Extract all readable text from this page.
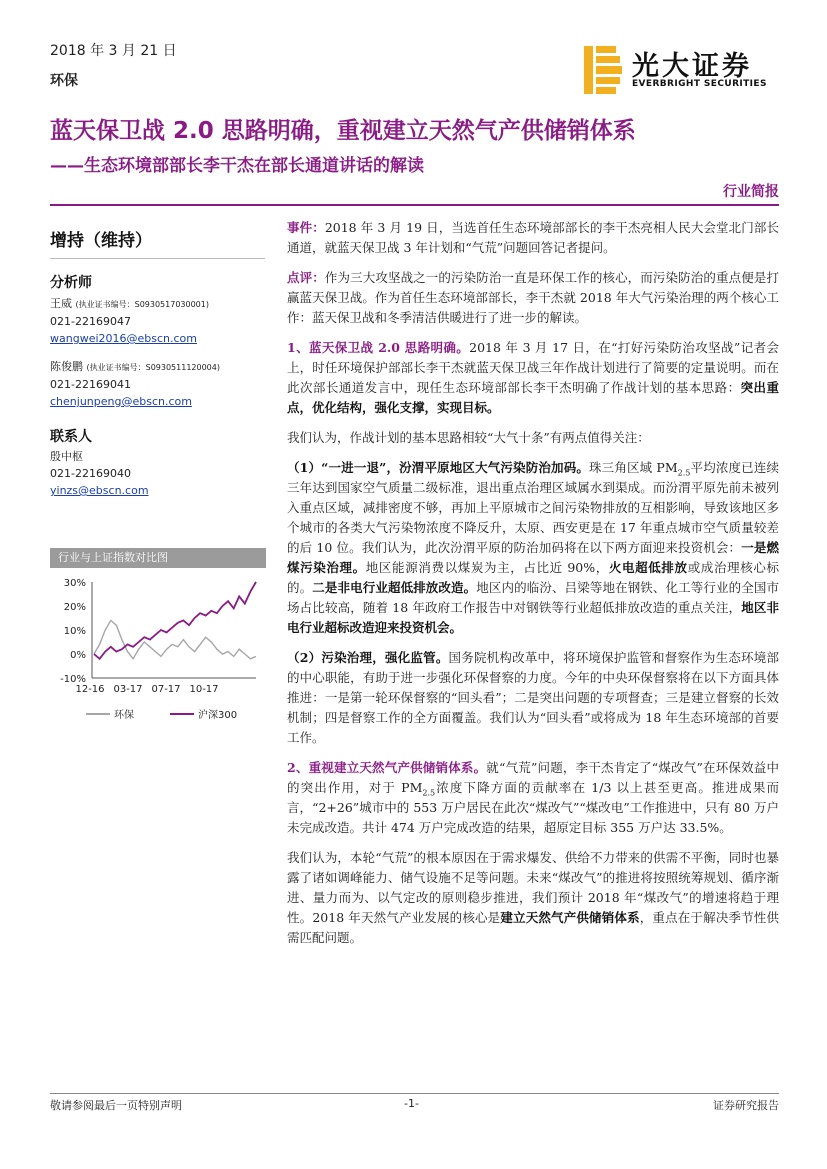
2018 年 3 月 21 日
环保	光大证券
EVERBRIGHT SECURITIES
蓝天保卫战 2.0 思路明确，重视建立天然气产供储销体系
——生态环境部部长李干杰在部长通道讲话的解读
行业简报
增持（维持）
分析师
王威 (执业证书编号：S0930517030001)
021-22169047
wangwei2016@ebscn.com
陈俊鹏 (执业证书编号：S0930511120004)
021-22169041
chenjunpeng@ebscn.com
联系人
殷中枢
021-22169040
yinzs@ebscn.com
行业与上证指数对比图
30%
20%
10%
0%
-10%
12-16 03-17 07-17 10-17
环保	沪深300

事件：2018 年 3 月 19 日，当选首任生态环境部部长的李干杰亮相人民大会堂北门部长通道，就蓝天保卫战 3 年计划和“气荒”问题回答记者提问。

点评：作为三大攻坚战之一的污染防治一直是环保工作的核心，而污染防治的重点便是打赢蓝天保卫战。作为首任生态环境部部长，李干杰就 2018 年大气污染治理的两个核心工作：蓝天保卫战和冬季清洁供暖进行了进一步的解读。

1、蓝天保卫战 2.0 思路明确。2018 年 3 月 17 日，在“打好污染防治攻坚战”记者会上，时任环境保护部部长李干杰就蓝天保卫战三年作战计划进行了简要的定量说明。而在此次部长通道发言中，现任生态环境部部长李干杰明确了作战计划的基本思路：突出重点，优化结构，强化支撑，实现目标。

我们认为，作战计划的基本思路相较“大气十条”有两点值得关注：

（1）“一进一退”，汾渭平原地区大气污染防治加码。珠三角区域 $PM_{2.5}$平均浓度已连续三年达到国家空气质量二级标准，退出重点治理区域属水到渠成。而汾渭平原先前未被列入重点区域，减排密度不够，再加上平原城市之间污染物排放的互相影响，导致该地区多个城市的各类大气污染物浓度不降反升，太原、西安更是在 17 年重点城市空气质量较差的后 10 位。我们认为，此次汾渭平原的防治加码将在以下两方面迎来投资机会：一是燃煤污染治理。地区能源消费以煤炭为主，占比近 90%，火电超低排放或成治理核心标的。二是非电行业超低排放改造。地区内的临汾、吕梁等地在钢铁、化工等行业的全国市场占比较高，随着 18 年政府工作报告中对钢铁等行业超低排放改造的重点关注，地区非电行业超标改造迎来投资机会。

（2）污染治理，强化监管。国务院机构改革中，将环境保护监管和督察作为生态环境部的中心职能，有助于进一步强化环保督察的力度。今年的中央环保督察将在以下方面具体推进：一是第一轮环保督察的“回头看”；二是突出问题的专项督查；三是建立督察的长效机制；四是督察工作的全方面覆盖。我们认为“回头看”或将成为 18 年生态环境部的首要工作。

2、重视建立天然气产供储销体系。就“气荒”问题，李干杰肯定了“煤改气”在环保效益中的突出作用，对于 $PM_{2.5}$浓度下降方面的贡献率在 1/3 以上甚至更高。推进成果而言，“2+26”城市中的 553 万户居民在此次“煤改气”“煤改电”工作推进中，只有 80 万户未完成改造。共计 474 万户完成改造的结果，超原定目标 355 万户达 33.5%。

我们认为，本轮“气荒”的根本原因在于需求爆发、供给不力带来的供需不平衡，同时也暴露了诸如调峰能力、储气设施不足等问题。未来“煤改气”的推进将按照统筹规划、循序渐进、量力而为、以气定改的原则稳步推进，我们预计 2018 年“煤改气”的增速将趋于理性。2018 年天然气产业发展的核心是建立天然气产供储销体系，重点在于解决季节性供需匹配问题。

敬请参阅最后一页特别声明	-1-	证券研究报告
